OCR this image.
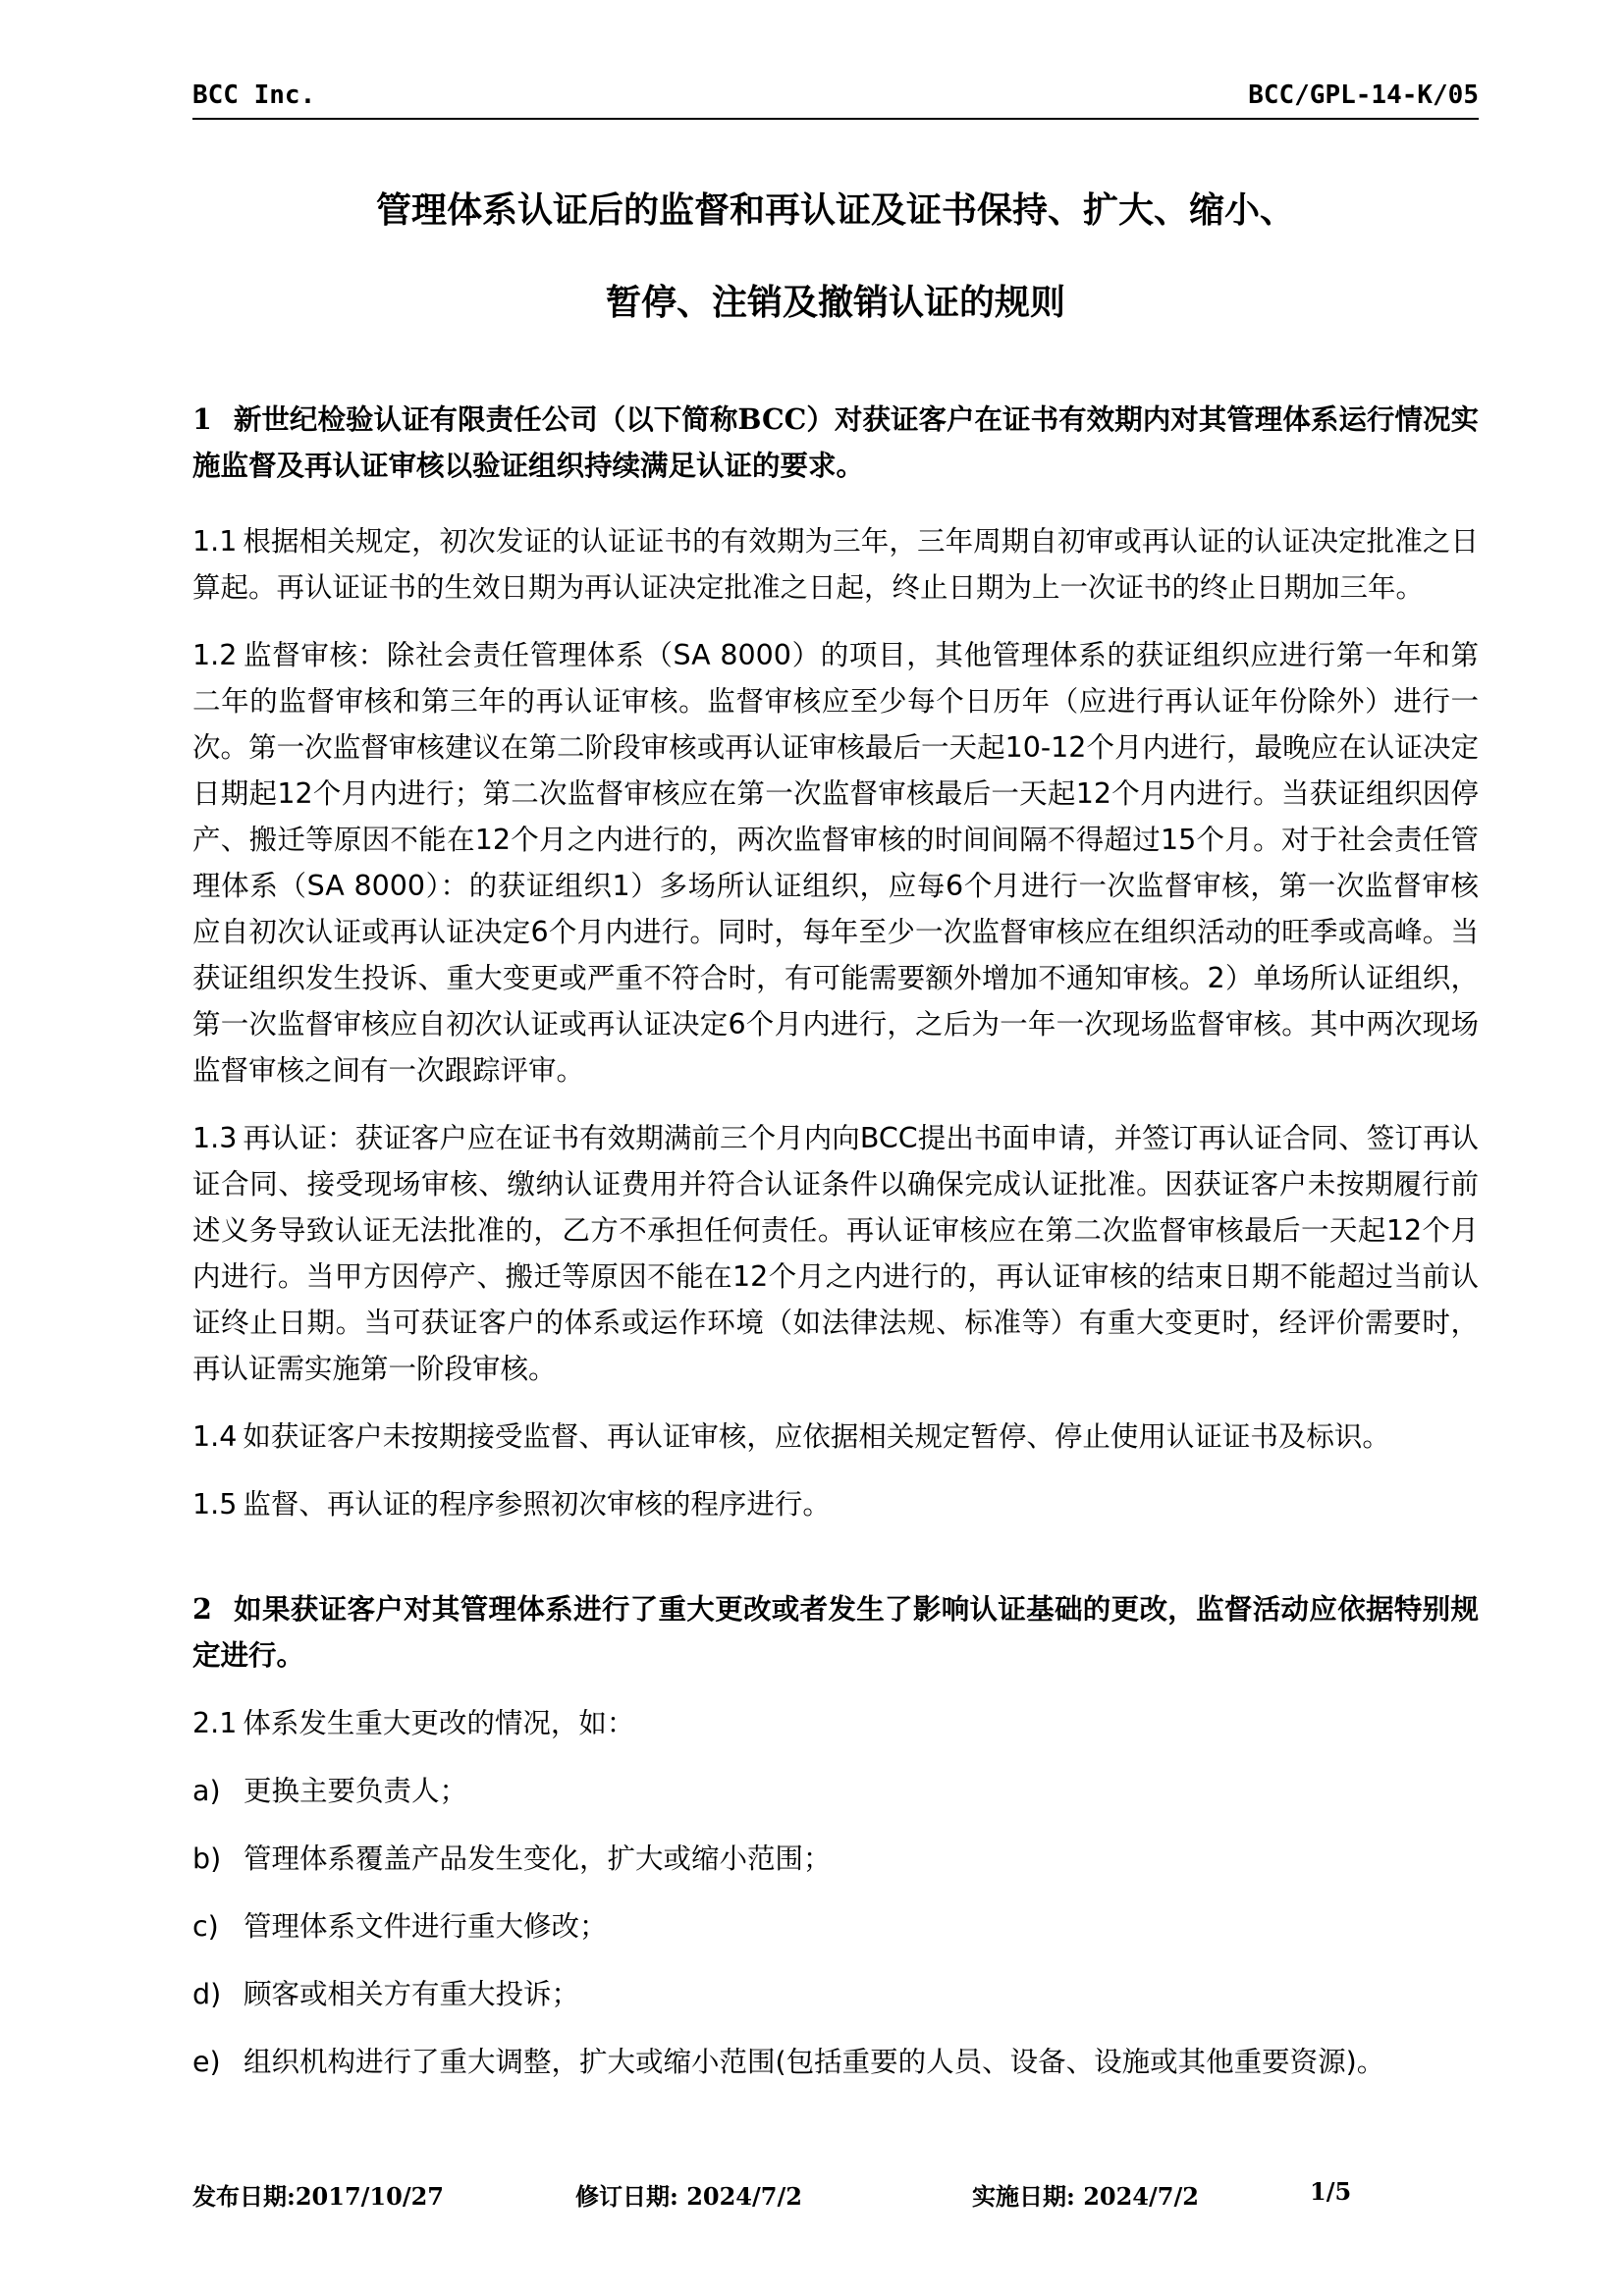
BCC Inc.	BCC/GPL-14-K/05
管理体系认证后的监督和再认证及证书保持、扩大、缩小、
暂停、注销及撤销认证的规则

1 新世纪检验认证有限责任公司（以下简称BCC）对获证客户在证书有效期内对其管理体系运行情况实施监督及再认证审核以验证组织持续满足认证的要求。

1.1 根据相关规定，初次发证的认证证书的有效期为三年，三年周期自初审或再认证的认证决定批准之日算起。再认证证书的生效日期为再认证决定批准之日起，终止日期为上一次证书的终止日期加三年。

1.2 监督审核：除社会责任管理体系（SA 8000）的项目，其他管理体系的获证组织应进行第一年和第二年的监督审核和第三年的再认证审核。监督审核应至少每个日历年（应进行再认证年份除外）进行一次。第一次监督审核建议在第二阶段审核或再认证审核最后一天起10-12个月内进行，最晚应在认证决定日期起12个月内进行；第二次监督审核应在第一次监督审核最后一天起12个月内进行。当获证组织因停产、搬迁等原因不能在12个月之内进行的，两次监督审核的时间间隔不得超过15个月。对于社会责任管理体系（SA 8000）：的获证组织1）多场所认证组织，应每6个月进行一次监督审核，第一次监督审核应自初次认证或再认证决定6个月内进行。同时，每年至少一次监督审核应在组织活动的旺季或高峰。当获证组织发生投诉、重大变更或严重不符合时，有可能需要额外增加不通知审核。2）单场所认证组织，第一次监督审核应自初次认证或再认证决定6个月内进行，之后为一年一次现场监督审核。其中两次现场监督审核之间有一次跟踪评审。

1.3 再认证：获证客户应在证书有效期满前三个月内向BCC提出书面申请，并签订再认证合同、签订再认证合同、接受现场审核、缴纳认证费用并符合认证条件以确保完成认证批准。因获证客户未按期履行前述义务导致认证无法批准的，乙方不承担任何责任。再认证审核应在第二次监督审核最后一天起12个月内进行。当甲方因停产、搬迁等原因不能在12个月之内进行的，再认证审核的结束日期不能超过当前认证终止日期。当可获证客户的体系或运作环境（如法律法规、标准等）有重大变更时，经评价需要时，再认证需实施第一阶段审核。

1.4 如获证客户未按期接受监督、再认证审核，应依据相关规定暂停、停止使用认证证书及标识。

1.5 监督、再认证的程序参照初次审核的程序进行。

2 如果获证客户对其管理体系进行了重大更改或者发生了影响认证基础的更改，监督活动应依据特别规定进行。

2.1 体系发生重大更改的情况，如：

a) 更换主要负责人；

b) 管理体系覆盖产品发生变化，扩大或缩小范围；

c) 管理体系文件进行重大修改；

d) 顾客或相关方有重大投诉；

e) 组织机构进行了重大调整，扩大或缩小范围(包括重要的人员、设备、设施或其他重要资源)。

发布日期:2017/10/27	修订日期: 2024/7/2	实施日期: 2024/7/2	1/5
